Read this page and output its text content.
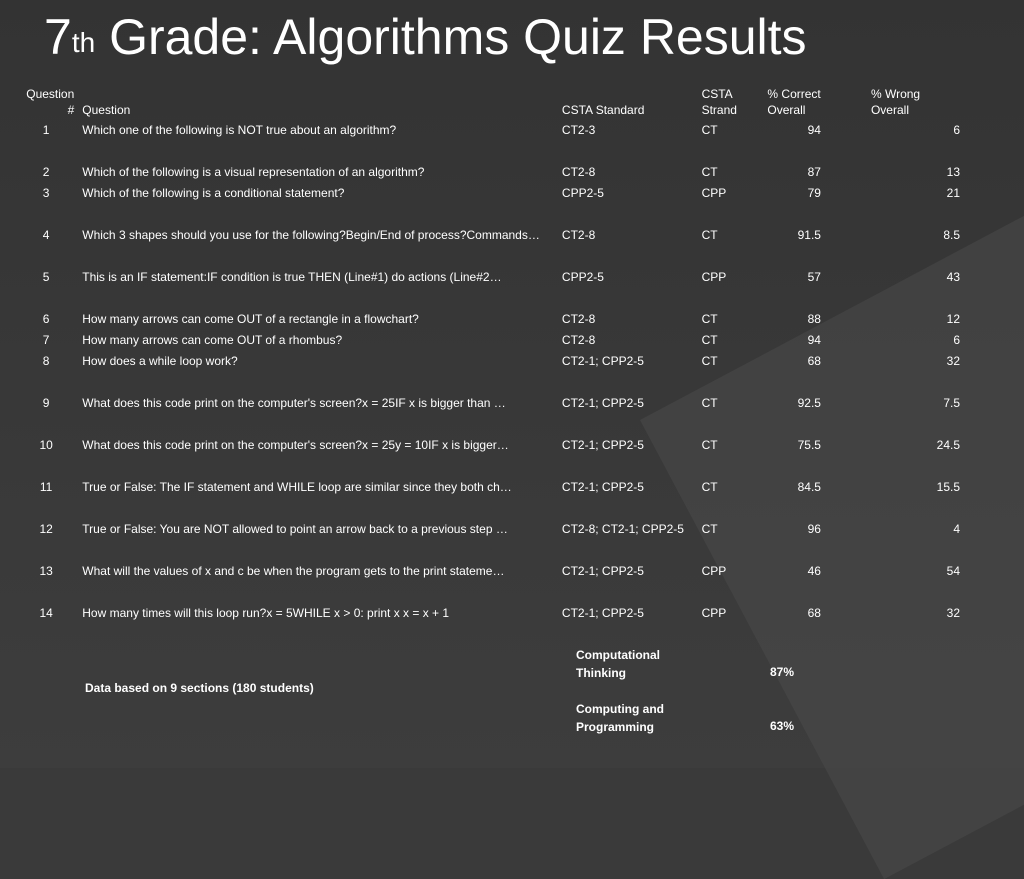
7th Grade: Algorithms Quiz Results
Question #	Question	CSTA Standard	CSTA Strand	% Correct Overall	% Wrong Overall
1	Which one of the following is NOT true about an algorithm?	CT2-3	CT	94	6
2	Which of the following is a visual representation of an algorithm?	CT2-8	CT	87	13
3	Which of the following is a conditional statement?	CPP2-5	CPP	79	21
4	Which 3 shapes should you use for the following?Begin/End of process?Commands…	CT2-8	CT	91.5	8.5
5	This is an IF statement:IF condition is true THEN (Line#1) do actions (Line#2…	CPP2-5	CPP	57	43
6	How many arrows can come OUT of a rectangle in a flowchart?	CT2-8	CT	88	12
7	How many arrows can come OUT of a rhombus?	CT2-8	CT	94	6
8	How does a while loop work?	CT2-1; CPP2-5	CT	68	32
9	What does this code print on the computer's screen?x = 25IF x is bigger than …	CT2-1; CPP2-5	CT	92.5	7.5
10	What does this code print on the computer's screen?x = 25y = 10IF x is bigger…	CT2-1; CPP2-5	CT	75.5	24.5
11	True or False: The IF statement and WHILE loop are similar since they both ch…	CT2-1; CPP2-5	CT	84.5	15.5
12	True or False: You are NOT allowed to point an arrow back to a previous step …	CT2-8; CT2-1; CPP2-5	CT	96	4
13	What will the values of x and c be when the program gets to the print stateme…	CT2-1; CPP2-5	CPP	46	54
14	How many times will this loop run?x = 5WHILE x > 0: print x x = x + 1	CT2-1; CPP2-5	CPP	68	32
Data based on 9 sections (180 students)
Computational Thinking	87%
Computing and Programming	63%
